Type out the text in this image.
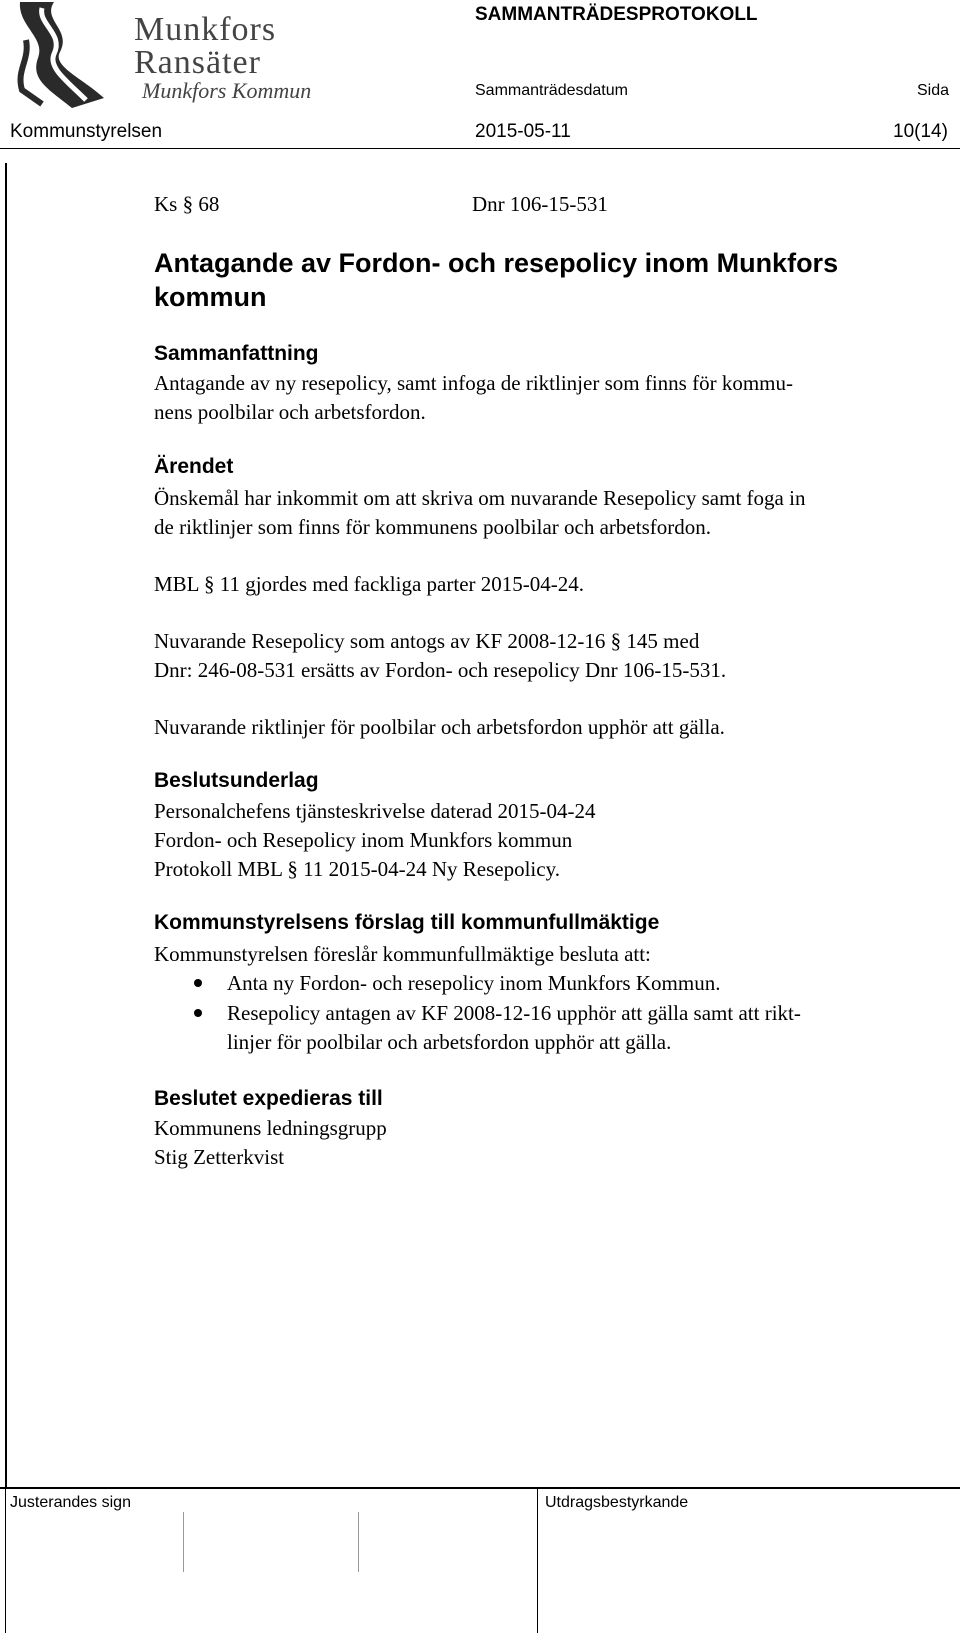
Munkfors
Ransäter
Munkfors Kommun
SAMMANTRÄDESPROTOKOLL
Sammanträdesdatum	Sida
Kommunstyrelsen	2015-05-11	10(14)
Ks § 68	Dnr 106-15-531
Antagande av Fordon- och resepolicy inom Munkfors
kommun
Sammanfattning
Antagande av ny resepolicy, samt infoga de riktlinjer som finns för kommu-
nens poolbilar och arbetsfordon.
Ärendet
Önskemål har inkommit om att skriva om nuvarande Resepolicy samt foga in
de riktlinjer som finns för kommunens poolbilar och arbetsfordon.
MBL § 11 gjordes med fackliga parter 2015-04-24.
Nuvarande Resepolicy som antogs av KF 2008-12-16 § 145 med
Dnr: 246-08-531 ersätts av Fordon- och resepolicy Dnr 106-15-531.
Nuvarande riktlinjer för poolbilar och arbetsfordon upphör att gälla.
Beslutsunderlag
Personalchefens tjänsteskrivelse daterad 2015-04-24
Fordon- och Resepolicy inom Munkfors kommun
Protokoll MBL § 11 2015-04-24 Ny Resepolicy.
Kommunstyrelsens förslag till kommunfullmäktige
Kommunstyrelsen föreslår kommunfullmäktige besluta att:
Anta ny Fordon- och resepolicy inom Munkfors Kommun.
Resepolicy antagen av KF 2008-12-16 upphör att gälla samt att rikt-
linjer för poolbilar och arbetsfordon upphör att gälla.
Beslutet expedieras till
Kommunens ledningsgrupp
Stig Zetterkvist
Justerandes sign	Utdragsbestyrkande
